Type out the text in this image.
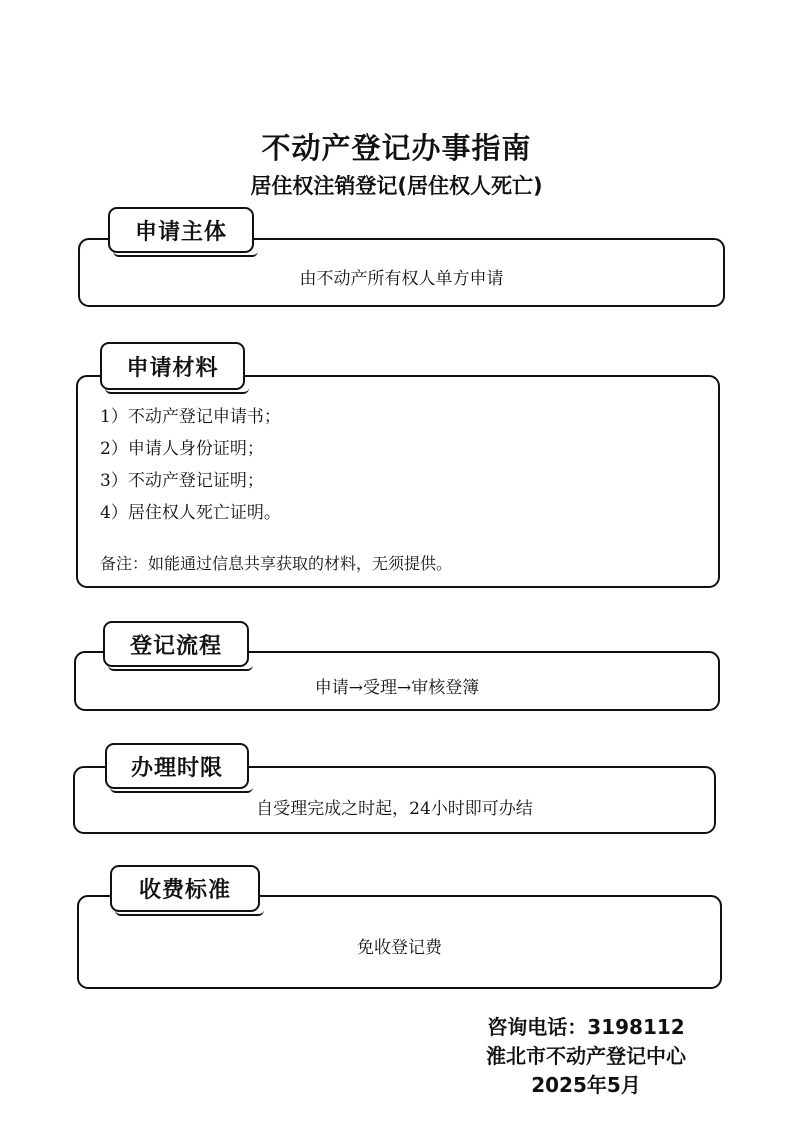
不动产登记办事指南
居住权注销登记(居住权人死亡)
由不动产所有权人单方申请
申请主体
1）不动产登记申请书；
2）申请人身份证明；
3）不动产登记证明；
4）居住权人死亡证明。
备注：如能通过信息共享获取的材料，无须提供。
申请材料
申请→受理→审核登簿
登记流程
自受理完成之时起，24小时即可办结
办理时限
免收登记费
收费标准
咨询电话：3198112
淮北市不动产登记中心
2025年5月
